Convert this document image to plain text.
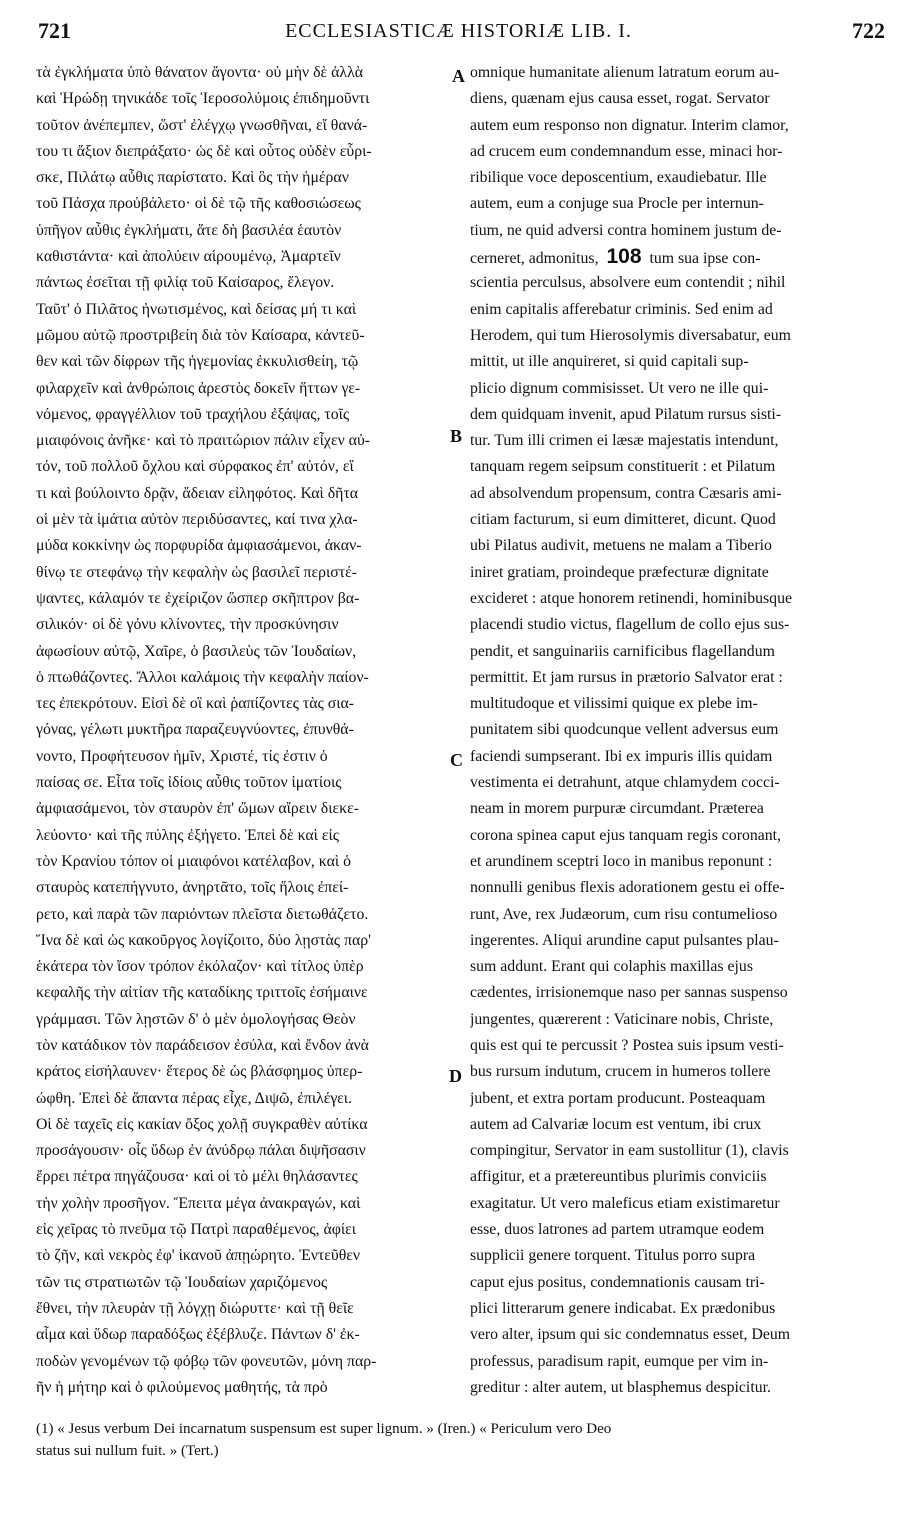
721	ECCLESIASTICÆ HISTORIÆ LIB. I.	722
τὰ ἐγκλήματα ὑπὸ θάνατον ἄγοντα· οὐ μὴν δὲ ἀλλὰ
καὶ Ἡρώδῃ τηνικάδε τοῖς Ἱεροσολύμοις ἐπιδημοῦντι
τοῦτον ἀνέπεμπεν, ὥστ' ἐλέγχῳ γνωσθῆναι, εἴ θανά-
του τι ἄξιον διεπράξατο· ὡς δὲ καὶ οὗτος οὐδὲν εὗρι-
σκε, Πιλάτῳ αὖθις παρίστατο. Καὶ ὃς τὴν ἡμέραν
τοῦ Πάσχα προὐβάλετο· οἱ δὲ τῷ τῆς καθοσιώσεως
ὑπῆγον αὖθις ἐγκλήματι, ἅτε δὴ βασιλέα ἑαυτὸν
καθιστάντα· καὶ ἀπολύειν αἱρουμένῳ, Ἁμαρτεῖν
πάντως ἐσεῖται τῇ φιλίᾳ τοῦ Καίσαρος, ἔλεγον.
Ταῦτ' ὁ Πιλᾶτος ἠνωτισμένος, καὶ δείσας μή τι καὶ
μῶμου αὐτῷ προστριβείη διὰ τὸν Καίσαρα, κἀντεῦ-
θεν καὶ τῶν δίφρων τῆς ἡγεμονίας ἐκκυλισθείη, τῷ
φιλαρχεῖν καὶ ἀνθρώποις ἀρεστὸς δοκεῖν ἥττων γε-
νόμενος, φραγγέλλιον τοῦ τραχήλου ἐξάψας, τοῖς
μιαιφόνοις ἀνῆκε· καὶ τὸ πραιτώριον πάλιν εἶχεν αὐ-
τόν, τοῦ πολλοῦ ὄχλου καὶ σύρφακος ἐπ' αὐτόν, εἴ
τι καὶ βούλοιντο δρᾷν, ἄδειαν εἰληφότος. Καὶ δῆτα
οἱ μὲν τὰ ἱμάτια αὐτὸν περιδύσαντες, καί τινα χλα-
μύδα κοκκίνην ὡς πορφυρίδα ἀμφιασάμενοι, ἀκαν-
θίνῳ τε στεφάνῳ τὴν κεφαλὴν ὡς βασιλεῖ περιστέ-
ψαντες, κάλαμόν τε ἐχείριζον ὥσπερ σκῆπτρον βα-
σιλικόν· οἱ δὲ γόνυ κλίνοντες, τὴν προσκύνησιν
ἀφωσίουν αὐτῷ, Χαῖρε, ὁ βασιλεὺς τῶν Ἰουδαίων,
ὁ πτωθάζοντες. Ἄλλοι καλάμοις τὴν κεφαλὴν παίον-
τες ἐπεκρότουν. Εἰσὶ δὲ οἳ καὶ ῥαπίζοντες τὰς σια-
γόνας, γέλωτι μυκτῆρα παραζευγνύοντες, ἐπυνθά-
νοντο, Προφήτευσον ἡμῖν, Χριστέ, τίς ἐστιν ὁ
παίσας σε. Εἶτα τοῖς ἰδίοις αὖθις τοῦτον ἱματίοις
ἀμφιασάμενοι, τὸν σταυρὸν ἐπ' ὤμων αἴρειν διεκε-
λεύοντο· καὶ τῆς πύλης ἐξήγετο. Ἐπεὶ δὲ καὶ εἰς
τὸν Κρανίου τόπον οἱ μιαιφόνοι κατέλαβον, καὶ ὁ
σταυρὸς κατεπήγνυτο, ἀνηρτᾶτο, τοῖς ἥλοις ἐπεί-
ρετο, καὶ παρὰ τῶν παριόντων πλεῖστα διετωθάζετο.
Ἵνα δὲ καὶ ὡς κακοῦργος λογίζοιτο, δύο λῃστὰς παρ'
ἑκάτερα τὸν ἴσον τρόπον ἐκόλαζον· καὶ τίτλος ὑπὲρ
κεφαλῆς τὴν αἰτίαν τῆς καταδίκης τριττοῖς ἐσήμαινε
γράμμασι. Τῶν λῃστῶν δ' ὁ μὲν ὁμολογήσας Θεὸν
τὸν κατάδικον τὸν παράδεισον ἐσύλα, καὶ ἔνδον ἀνὰ
κράτος εἰσήλαυνεν· ἕτερος δὲ ὡς βλάσφημος ὑπερ-
ώφθη. Ἐπεὶ δὲ ἅπαντα πέρας εἶχε, Διψῶ, ἐπιλέγει.
Οἱ δὲ ταχεῖς εἰς κακίαν ὄξος χολῇ συγκραθὲν αὐτίκα
προσάγουσιν· οἷς ὕδωρ ἐν ἀνύδρῳ πάλαι διψῆσασιν
ἔρρει πέτρα πηγάζουσα· καὶ οἱ τὸ μέλι θηλάσαντες
τὴν χολὴν προσῆγον. Ἔπειτα μέγα ἀνακραγών, καὶ
εἰς χεῖρας τὸ πνεῦμα τῷ Πατρὶ παραθέμενος, ἀφίει
τὸ ζῆν, καὶ νεκρὸς ἐφ' ἱκανοῦ ἀπῃώρητο. Ἐντεῦθεν
τῶν τις στρατιωτῶν τῷ Ἰουδαίων χαριζόμενος
ἔθνει, τὴν πλευρὰν τῇ λόγχῃ διώρυττε· καὶ τῇ θεῖε
αἷμα καὶ ὕδωρ παραδόξως ἐξέβλυζε. Πάντων δ' ἐκ-
ποδὼν γενομένων τῷ φόβῳ τῶν φονευτῶν, μόνη παρ-
ῆν ἡ μήτηρ καὶ ὁ φιλούμενος μαθητής, τὰ πρὸ
A
B
C
D
omnique humanitate alienum latratum eorum au-
diens, quænam ejus causa esset, rogat. Servator
autem eum responso non dignatur. Interim clamor,
ad crucem eum condemnandum esse, minaci hor-
ribilique voce deposcentium, exaudiebatur. Ille
autem, eum a conjuge sua Procle per internun-
tium, ne quid adversi contra hominem justum de-
cerneret, admonitus, 108 tum sua ipse con-
scientia perculsus, absolvere eum contendit ; nihil
enim capitalis afferebatur criminis. Sed enim ad
Herodem, qui tum Hierosolymis diversabatur, eum
mittit, ut ille anquireret, si quid capitali sup-
plicio dignum commisisset. Ut vero ne ille qui-
dem quidquam invenit, apud Pilatum rursus sisti-
tur. Tum illi crimen ei læsæ majestatis intendunt,
tanquam regem seipsum constituerit : et Pilatum
ad absolvendum propensum, contra Cæsaris ami-
citiam facturum, si eum dimitteret, dicunt. Quod
ubi Pilatus audivit, metuens ne malam a Tiberio
iniret gratiam, proindeque præfecturæ dignitate
excideret : atque honorem retinendi, hominibusque
placendi studio victus, flagellum de collo ejus sus-
pendit, et sanguinariis carnificibus flagellandum
permittit. Et jam rursus in prætorio Salvator erat :
multitudoque et vilissimi quique ex plebe im-
punitatem sibi quodcunque vellent adversus eum
faciendi sumpserant. Ibi ex impuris illis quidam
vestimenta ei detrahunt, atque chlamydem cocci-
neam in morem purpuræ circumdant. Præterea
corona spinea caput ejus tanquam regis coronant,
et arundinem sceptri loco in manibus reponunt :
nonnulli genibus flexis adorationem gestu ei offe-
runt, Ave, rex Judæorum, cum risu contumelioso
ingerentes. Aliqui arundine caput pulsantes plau-
sum addunt. Erant qui colaphis maxillas ejus
cædentes, irrisionemque naso per sannas suspenso
jungentes, quærerent : Vaticinare nobis, Christe,
quis est qui te percussit ? Postea suis ipsum vesti-
bus rursum indutum, crucem in humeros tollere
jubent, et extra portam producunt. Posteaquam
autem ad Calvariæ locum est ventum, ibi crux
compingitur, Servator in eam sustollitur (1), clavis
affigitur, et a prætereuntibus plurimis conviciis
exagitatur. Ut vero maleficus etiam existimaretur
esse, duos latrones ad partem utramque eodem
supplicii genere torquent. Titulus porro supra
caput ejus positus, condemnationis causam tri-
plici litterarum genere indicabat. Ex prædonibus
vero alter, ipsum qui sic condemnatus esset, Deum
professus, paradisum rapit, eumque per vim in-
greditur : alter autem, ut blasphemus despicitur.
(1) « Jesus verbum Dei incarnatum suspensum est super lignum. » (Iren.) « Periculum vero Deo
status sui nullum fuit. » (Tert.)
